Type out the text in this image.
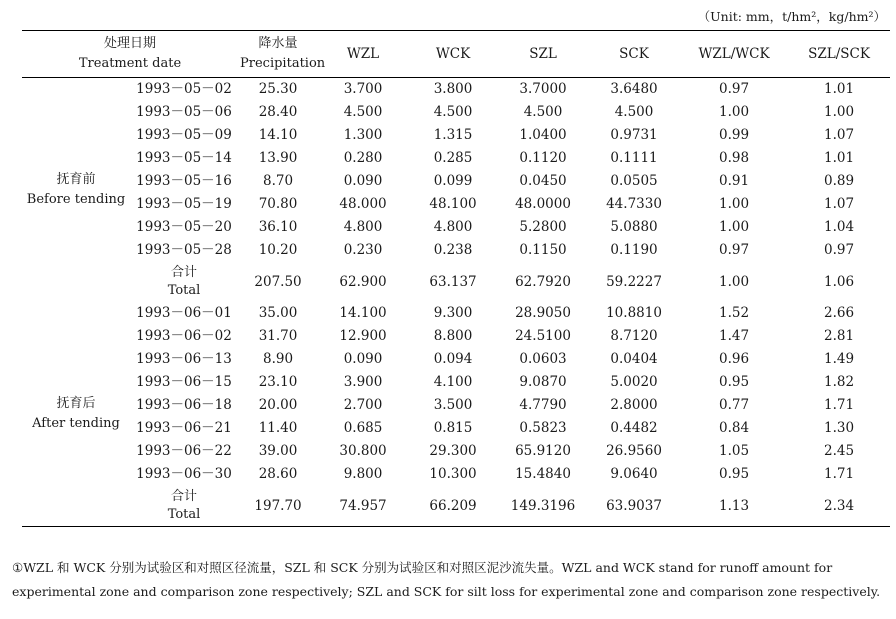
（Unit: mm，t/hm²，kg/hm²）
处理日期
Treatment date		降水量
Precipitation	WZL	WCK	SZL	SCK	WZL/WCK	SZL/SCK

抚育前
Before tending	1993－05－02	25.30	3.700	3.800	3.7000	3.6480	0.97	1.01
	1993－05－06	28.40	4.500	4.500	4.500	4.500	1.00	1.00
	1993－05－09	14.10	1.300	1.315	1.0400	0.9731	0.99	1.07
	1993－05－14	13.90	0.280	0.285	0.1120	0.1111	0.98	1.01
	1993－05－16	8.70	0.090	0.099	0.0450	0.0505	0.91	0.89
	1993－05－19	70.80	48.000	48.100	48.0000	44.7330	1.00	1.07
	1993－05－20	36.10	4.800	4.800	5.2800	5.0880	1.00	1.04
	1993－05－28	10.20	0.230	0.238	0.1150	0.1190	0.97	0.97

	合计
Total	207.50	62.900	63.137	62.7920	59.2227	1.00	1.06

抚育后
After tending	1993－06－01	35.00	14.100	9.300	28.9050	10.8810	1.52	2.66
	1993－06－02	31.70	12.900	8.800	24.5100	8.7120	1.47	2.81
	1993－06－13	8.90	0.090	0.094	0.0603	0.0404	0.96	1.49
	1993－06－15	23.10	3.900	4.100	9.0870	5.0020	0.95	1.82
	1993－06－18	20.00	2.700	3.500	4.7790	2.8000	0.77	1.71
	1993－06－21	11.40	0.685	0.815	0.5823	0.4482	0.84	1.30
	1993－06－22	39.00	30.800	29.300	65.9120	26.9560	1.05	2.45
	1993－06－30	28.60	9.800	10.300	15.4840	9.0640	0.95	1.71

	合计
Total	197.70	74.957	66.209	149.3196	63.9037	1.13	2.34
①WZL 和 WCK 分别为试验区和对照区径流量，SZL 和 SCK 分别为试验区和对照区泥沙流失量。WZL and WCK stand for runoff amount for experimental zone and comparison zone respectively; SZL and SCK for silt loss for experimental zone and comparison zone respectively.
